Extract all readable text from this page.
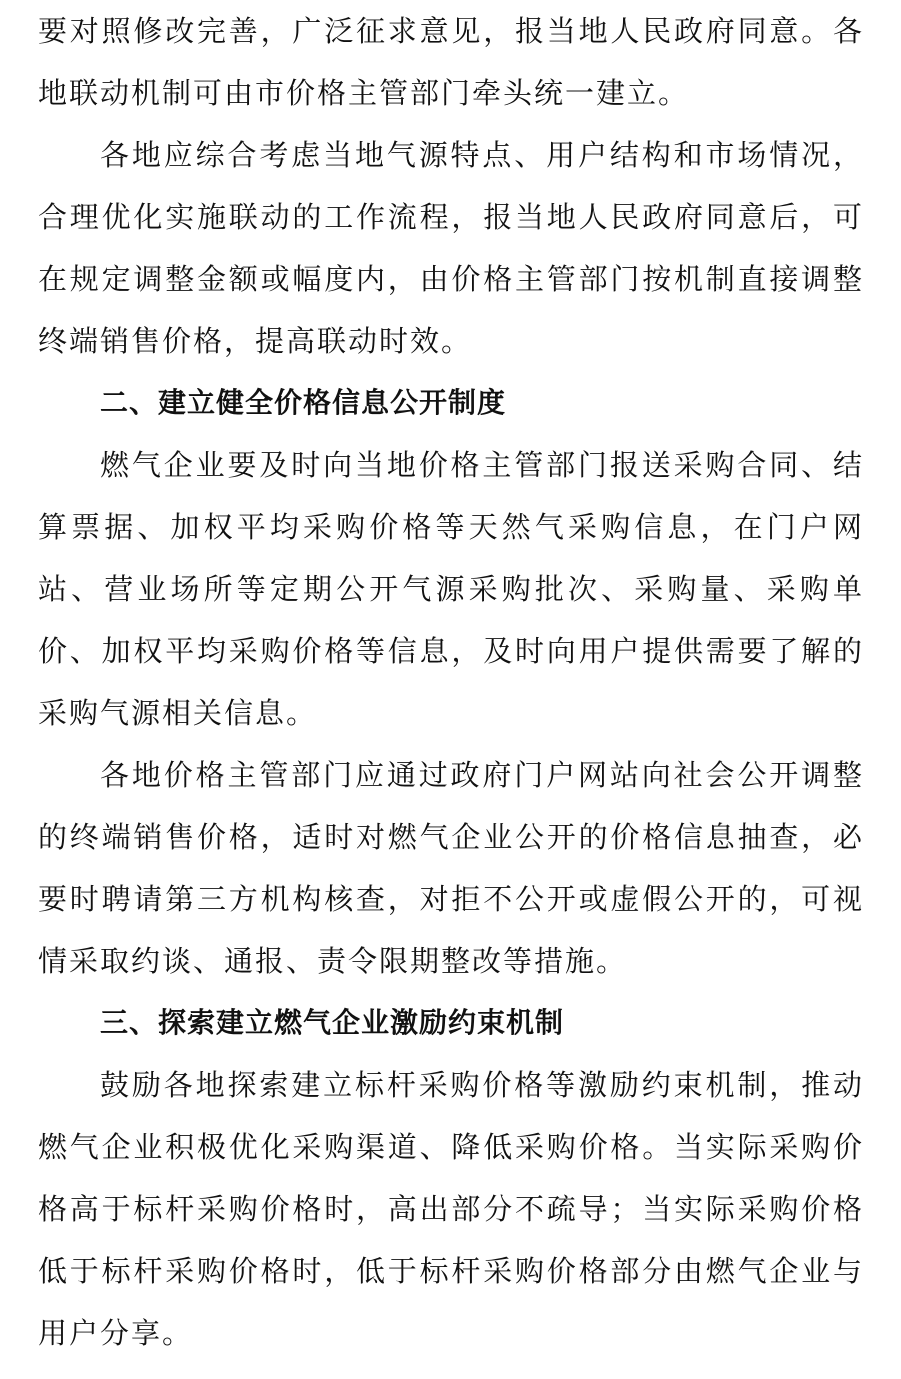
要对照修改完善，广泛征求意见，报当地人民政府同意。各地联动机制可由市价格主管部门牵头统一建立。

各地应综合考虑当地气源特点、用户结构和市场情况，合理优化实施联动的工作流程，报当地人民政府同意后，可在规定调整金额或幅度内，由价格主管部门按机制直接调整终端销售价格，提高联动时效。

二、建立健全价格信息公开制度

燃气企业要及时向当地价格主管部门报送采购合同、结算票据、加权平均采购价格等天然气采购信息，在门户网站、营业场所等定期公开气源采购批次、采购量、采购单价、加权平均采购价格等信息，及时向用户提供需要了解的采购气源相关信息。

各地价格主管部门应通过政府门户网站向社会公开调整的终端销售价格，适时对燃气企业公开的价格信息抽查，必要时聘请第三方机构核查，对拒不公开或虚假公开的，可视情采取约谈、通报、责令限期整改等措施。

三、探索建立燃气企业激励约束机制

鼓励各地探索建立标杆采购价格等激励约束机制，推动燃气企业积极优化采购渠道、降低采购价格。当实际采购价格高于标杆采购价格时，高出部分不疏导；当实际采购价格低于标杆采购价格时，低于标杆采购价格部分由燃气企业与用户分享。
